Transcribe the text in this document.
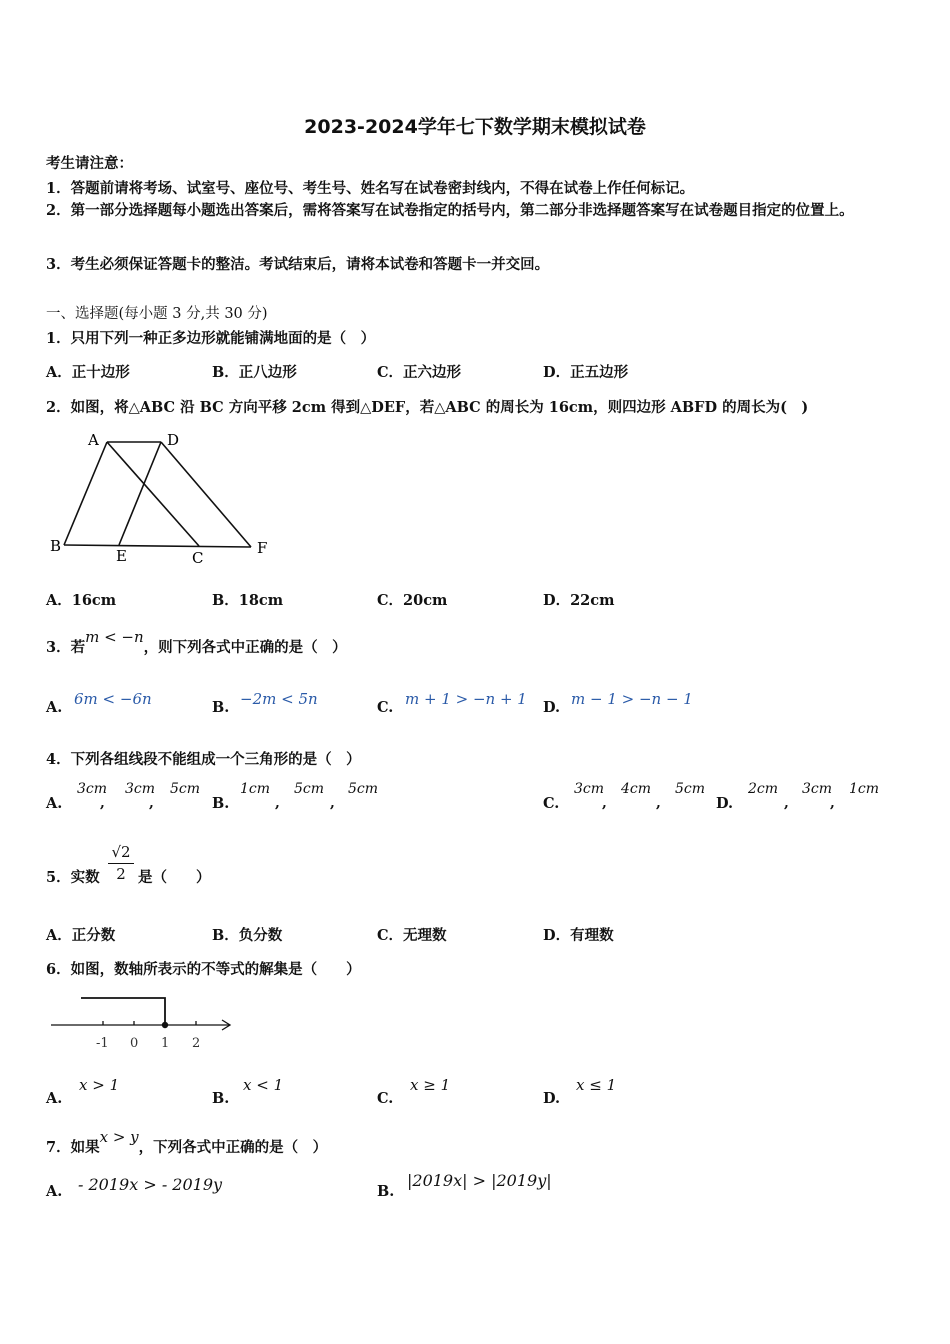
2023-2024学年七下数学期末模拟试卷
考生请注意：
1．答题前请将考场、试室号、座位号、考生号、姓名写在试卷密封线内，不得在试卷上作任何标记。
2．第一部分选择题每小题选出答案后，需将答案写在试卷指定的括号内，第二部分非选择题答案写在试卷题目指定的位置上。
3．考生必须保证答题卡的整洁。考试结束后，请将本试卷和答题卡一并交回。
一、选择题(每小题 3 分,共 30 分)
1．只用下列一种正多边形就能铺满地面的是（　）
A．正十边形	B．正八边形	C．正六边形	D．正五边形
2．如图，将△ABC 沿 BC 方向平移 2cm 得到△DEF，若△ABC 的周长为 16cm，则四边形 ABFD 的周长为(　)
A	D
B
E	C
F
A．16cm	B．18cm	C．20cm	D．22cm
3．若m < −n，则下列各式中正确的是（　）
A. 6m < −6n	B. −2m < 5n	C. m + 1 > −n + 1 D. m − 1 > −n − 1
4．下列各组线段不能组成一个三角形的是（　）
A.
3cm
,
3cm
,
5cm
B.
1cm
,
5cm
,
5cm
C.
3cm
,
4cm
,
5cm
D.
2cm
,
3cm
,
1cm
5．实数
√2
2 是（　　）
A．正分数	B．负分数	C．无理数	D．有理数
6．如图，数轴所表示的不等式的解集是（　　）
-1 0 1 2
A.
x > 1
B.
x < 1
C.
x ≥ 1
D.
x ≤ 1
7．如果x > y，下列各式中正确的是（　）
A. - 2019x > - 2019y	B.
|2019x| > |2019y|
